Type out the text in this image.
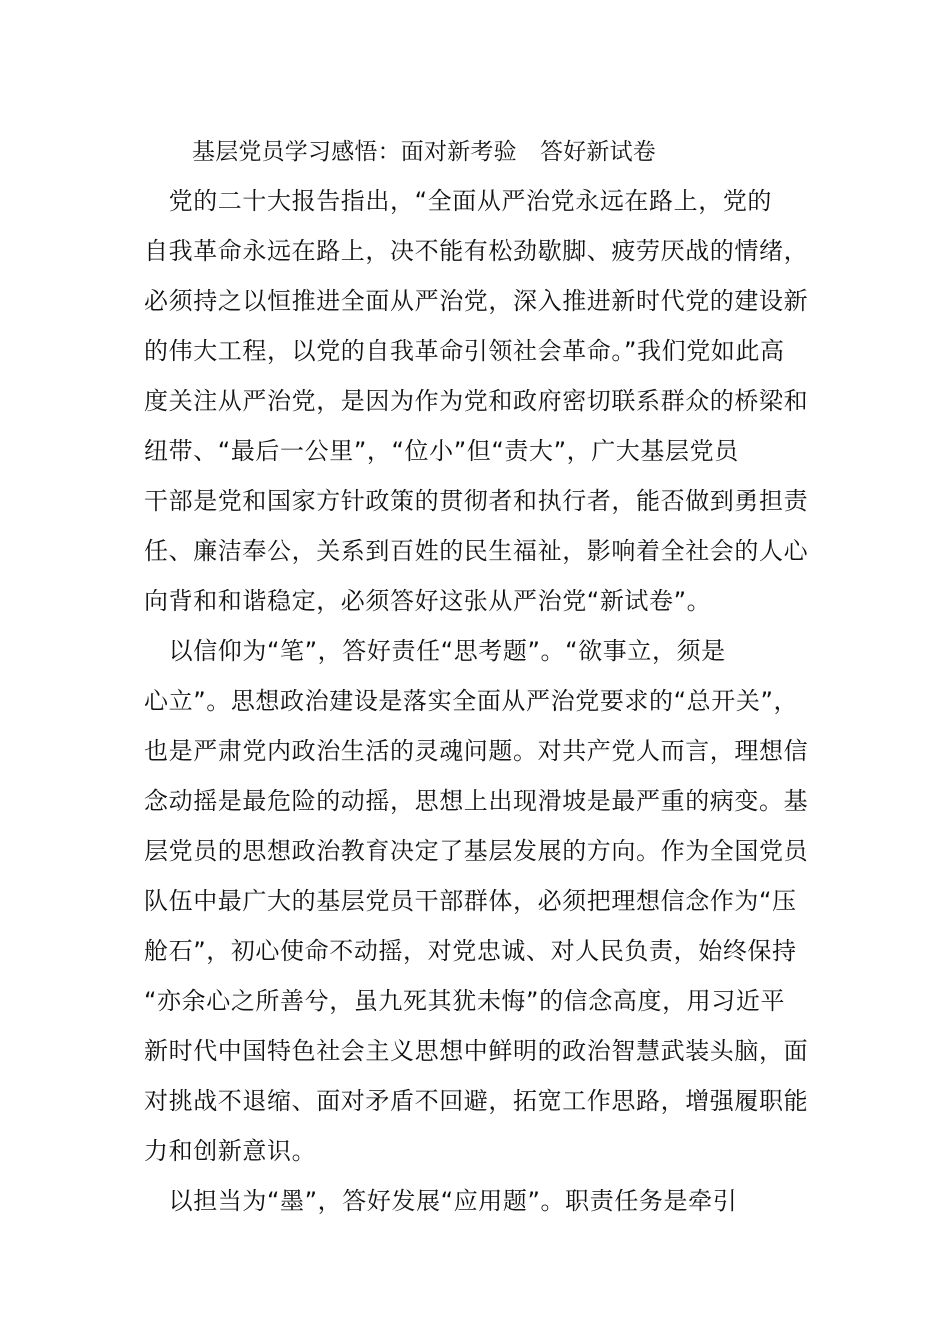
基层党员学习感悟：面对新考验　答好新试卷
　党的二十大报告指出，“全面从严治党永远在路上，党的
自我革命永远在路上，决不能有松劲歇脚、疲劳厌战的情绪，
必须持之以恒推进全面从严治党，深入推进新时代党的建设新
的伟大工程，以党的自我革命引领社会革命。”我们党如此高
度关注从严治党，是因为作为党和政府密切联系群众的桥梁和
纽带、“最后一公里”，“位小”但“责大”，广大基层党员
干部是党和国家方针政策的贯彻者和执行者，能否做到勇担责
任、廉洁奉公，关系到百姓的民生福祉，影响着全社会的人心
向背和和谐稳定，必须答好这张从严治党“新试卷”。
　以信仰为“笔”，答好责任“思考题”。“欲事立，须是
心立”。思想政治建设是落实全面从严治党要求的“总开关”，
也是严肃党内政治生活的灵魂问题。对共产党人而言，理想信
念动摇是最危险的动摇，思想上出现滑坡是最严重的病变。基
层党员的思想政治教育决定了基层发展的方向。作为全国党员
队伍中最广大的基层党员干部群体，必须把理想信念作为“压
舱石”，初心使命不动摇，对党忠诚、对人民负责，始终保持
“亦余心之所善兮，虽九死其犹未悔”的信念高度，用习近平
新时代中国特色社会主义思想中鲜明的政治智慧武装头脑，面
对挑战不退缩、面对矛盾不回避，拓宽工作思路，增强履职能
力和创新意识。
　以担当为“墨”，答好发展“应用题”。职责任务是牵引
